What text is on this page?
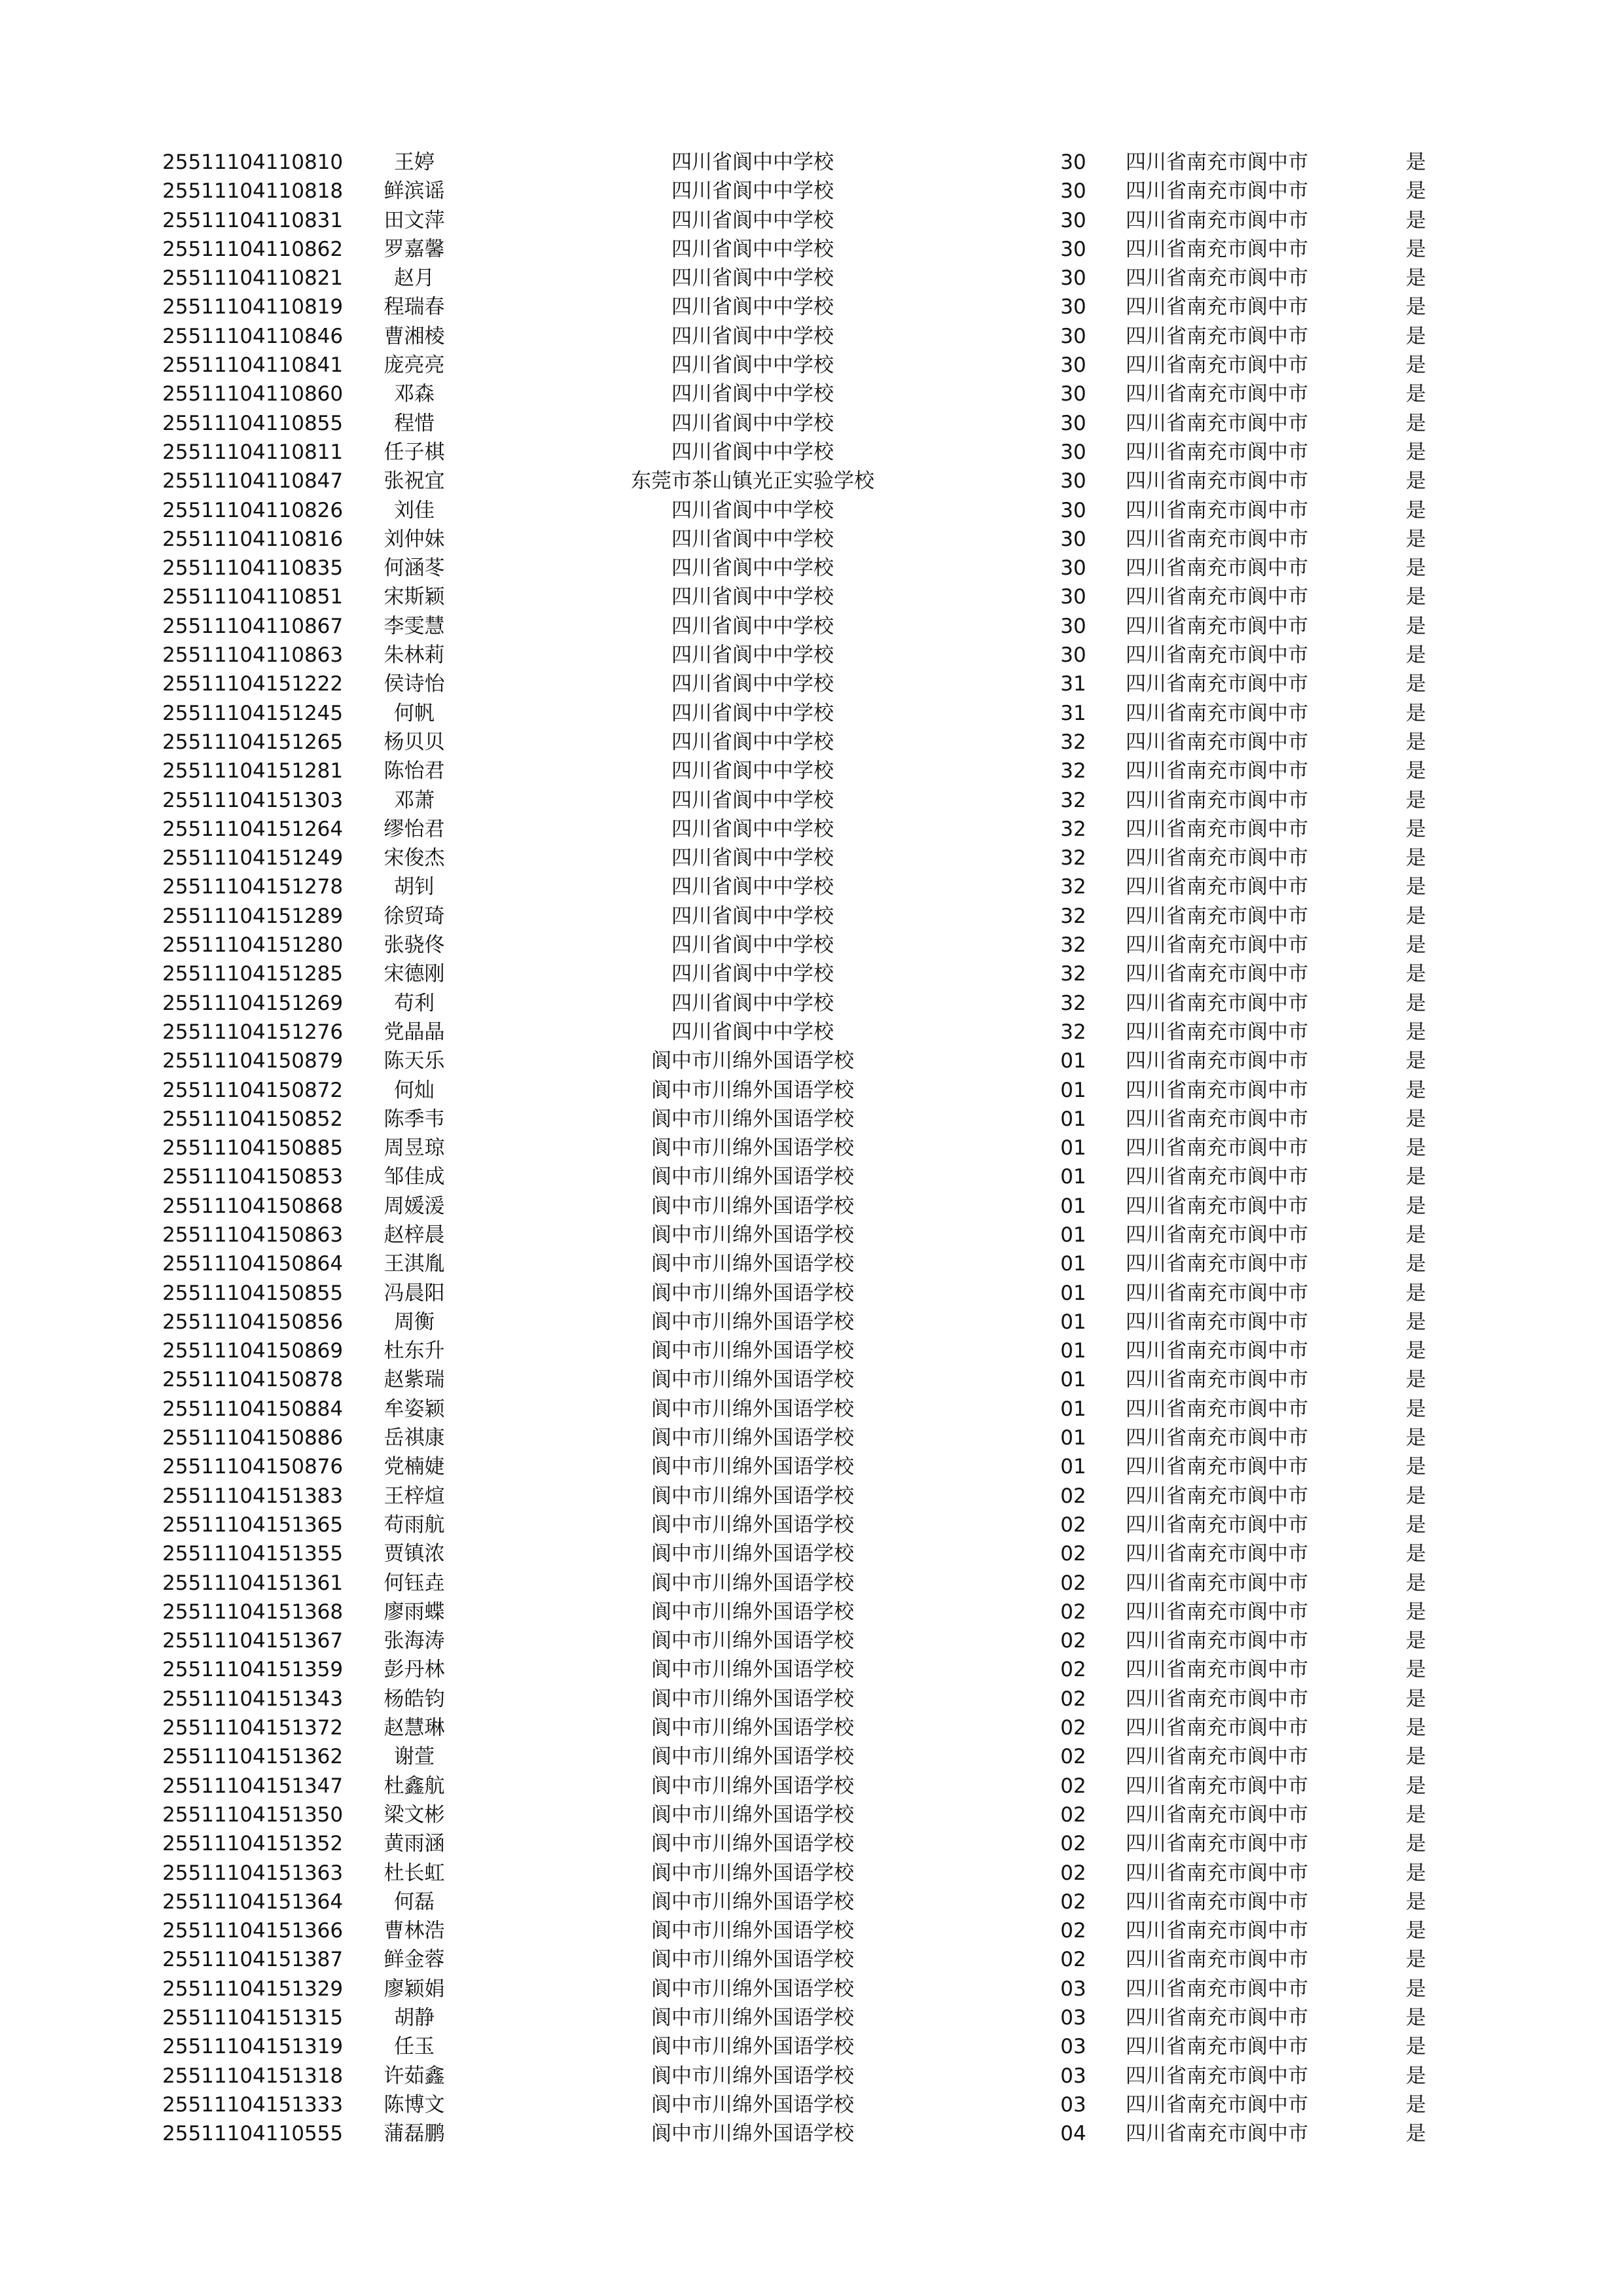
25511104110810	王婷	四川省阆中中学校	30	四川省南充市阆中市	是
25511104110818	鲜滨谣	四川省阆中中学校	30	四川省南充市阆中市	是
25511104110831	田文萍	四川省阆中中学校	30	四川省南充市阆中市	是
25511104110862	罗嘉馨	四川省阆中中学校	30	四川省南充市阆中市	是
25511104110821	赵月	四川省阆中中学校	30	四川省南充市阆中市	是
25511104110819	程瑞春	四川省阆中中学校	30	四川省南充市阆中市	是
25511104110846	曹湘棱	四川省阆中中学校	30	四川省南充市阆中市	是
25511104110841	庞亮亮	四川省阆中中学校	30	四川省南充市阆中市	是
25511104110860	邓森	四川省阆中中学校	30	四川省南充市阆中市	是
25511104110855	程惜	四川省阆中中学校	30	四川省南充市阆中市	是
25511104110811	任子棋	四川省阆中中学校	30	四川省南充市阆中市	是
25511104110847	张祝宜	东莞市茶山镇光正实验学校	30	四川省南充市阆中市	是
25511104110826	刘佳	四川省阆中中学校	30	四川省南充市阆中市	是
25511104110816	刘仲妹	四川省阆中中学校	30	四川省南充市阆中市	是
25511104110835	何涵苳	四川省阆中中学校	30	四川省南充市阆中市	是
25511104110851	宋斯颖	四川省阆中中学校	30	四川省南充市阆中市	是
25511104110867	李雯慧	四川省阆中中学校	30	四川省南充市阆中市	是
25511104110863	朱林莉	四川省阆中中学校	30	四川省南充市阆中市	是
25511104151222	侯诗怡	四川省阆中中学校	31	四川省南充市阆中市	是
25511104151245	何帆	四川省阆中中学校	31	四川省南充市阆中市	是
25511104151265	杨贝贝	四川省阆中中学校	32	四川省南充市阆中市	是
25511104151281	陈怡君	四川省阆中中学校	32	四川省南充市阆中市	是
25511104151303	邓萧	四川省阆中中学校	32	四川省南充市阆中市	是
25511104151264	缪怡君	四川省阆中中学校	32	四川省南充市阆中市	是
25511104151249	宋俊杰	四川省阆中中学校	32	四川省南充市阆中市	是
25511104151278	胡钊	四川省阆中中学校	32	四川省南充市阆中市	是
25511104151289	徐贸琦	四川省阆中中学校	32	四川省南充市阆中市	是
25511104151280	张骁佟	四川省阆中中学校	32	四川省南充市阆中市	是
25511104151285	宋德刚	四川省阆中中学校	32	四川省南充市阆中市	是
25511104151269	苟利	四川省阆中中学校	32	四川省南充市阆中市	是
25511104151276	党晶晶	四川省阆中中学校	32	四川省南充市阆中市	是
25511104150879	陈天乐	阆中市川绵外国语学校	01	四川省南充市阆中市	是
25511104150872	何灿	阆中市川绵外国语学校	01	四川省南充市阆中市	是
25511104150852	陈季韦	阆中市川绵外国语学校	01	四川省南充市阆中市	是
25511104150885	周昱琼	阆中市川绵外国语学校	01	四川省南充市阆中市	是
25511104150853	邹佳成	阆中市川绵外国语学校	01	四川省南充市阆中市	是
25511104150868	周媛湲	阆中市川绵外国语学校	01	四川省南充市阆中市	是
25511104150863	赵梓晨	阆中市川绵外国语学校	01	四川省南充市阆中市	是
25511104150864	王淇胤	阆中市川绵外国语学校	01	四川省南充市阆中市	是
25511104150855	冯晨阳	阆中市川绵外国语学校	01	四川省南充市阆中市	是
25511104150856	周衡	阆中市川绵外国语学校	01	四川省南充市阆中市	是
25511104150869	杜东升	阆中市川绵外国语学校	01	四川省南充市阆中市	是
25511104150878	赵紫瑞	阆中市川绵外国语学校	01	四川省南充市阆中市	是
25511104150884	牟姿颖	阆中市川绵外国语学校	01	四川省南充市阆中市	是
25511104150886	岳祺康	阆中市川绵外国语学校	01	四川省南充市阆中市	是
25511104150876	党楠婕	阆中市川绵外国语学校	01	四川省南充市阆中市	是
25511104151383	王梓煊	阆中市川绵外国语学校	02	四川省南充市阆中市	是
25511104151365	苟雨航	阆中市川绵外国语学校	02	四川省南充市阆中市	是
25511104151355	贾镇浓	阆中市川绵外国语学校	02	四川省南充市阆中市	是
25511104151361	何钰垚	阆中市川绵外国语学校	02	四川省南充市阆中市	是
25511104151368	廖雨蝶	阆中市川绵外国语学校	02	四川省南充市阆中市	是
25511104151367	张海涛	阆中市川绵外国语学校	02	四川省南充市阆中市	是
25511104151359	彭丹林	阆中市川绵外国语学校	02	四川省南充市阆中市	是
25511104151343	杨皓钧	阆中市川绵外国语学校	02	四川省南充市阆中市	是
25511104151372	赵慧琳	阆中市川绵外国语学校	02	四川省南充市阆中市	是
25511104151362	谢萱	阆中市川绵外国语学校	02	四川省南充市阆中市	是
25511104151347	杜鑫航	阆中市川绵外国语学校	02	四川省南充市阆中市	是
25511104151350	梁文彬	阆中市川绵外国语学校	02	四川省南充市阆中市	是
25511104151352	黄雨涵	阆中市川绵外国语学校	02	四川省南充市阆中市	是
25511104151363	杜长虹	阆中市川绵外国语学校	02	四川省南充市阆中市	是
25511104151364	何磊	阆中市川绵外国语学校	02	四川省南充市阆中市	是
25511104151366	曹林浩	阆中市川绵外国语学校	02	四川省南充市阆中市	是
25511104151387	鲜金蓉	阆中市川绵外国语学校	02	四川省南充市阆中市	是
25511104151329	廖颖娟	阆中市川绵外国语学校	03	四川省南充市阆中市	是
25511104151315	胡静	阆中市川绵外国语学校	03	四川省南充市阆中市	是
25511104151319	任玉	阆中市川绵外国语学校	03	四川省南充市阆中市	是
25511104151318	许茹鑫	阆中市川绵外国语学校	03	四川省南充市阆中市	是
25511104151333	陈博文	阆中市川绵外国语学校	03	四川省南充市阆中市	是
25511104110555	蒲磊鹏	阆中市川绵外国语学校	04	四川省南充市阆中市	是
